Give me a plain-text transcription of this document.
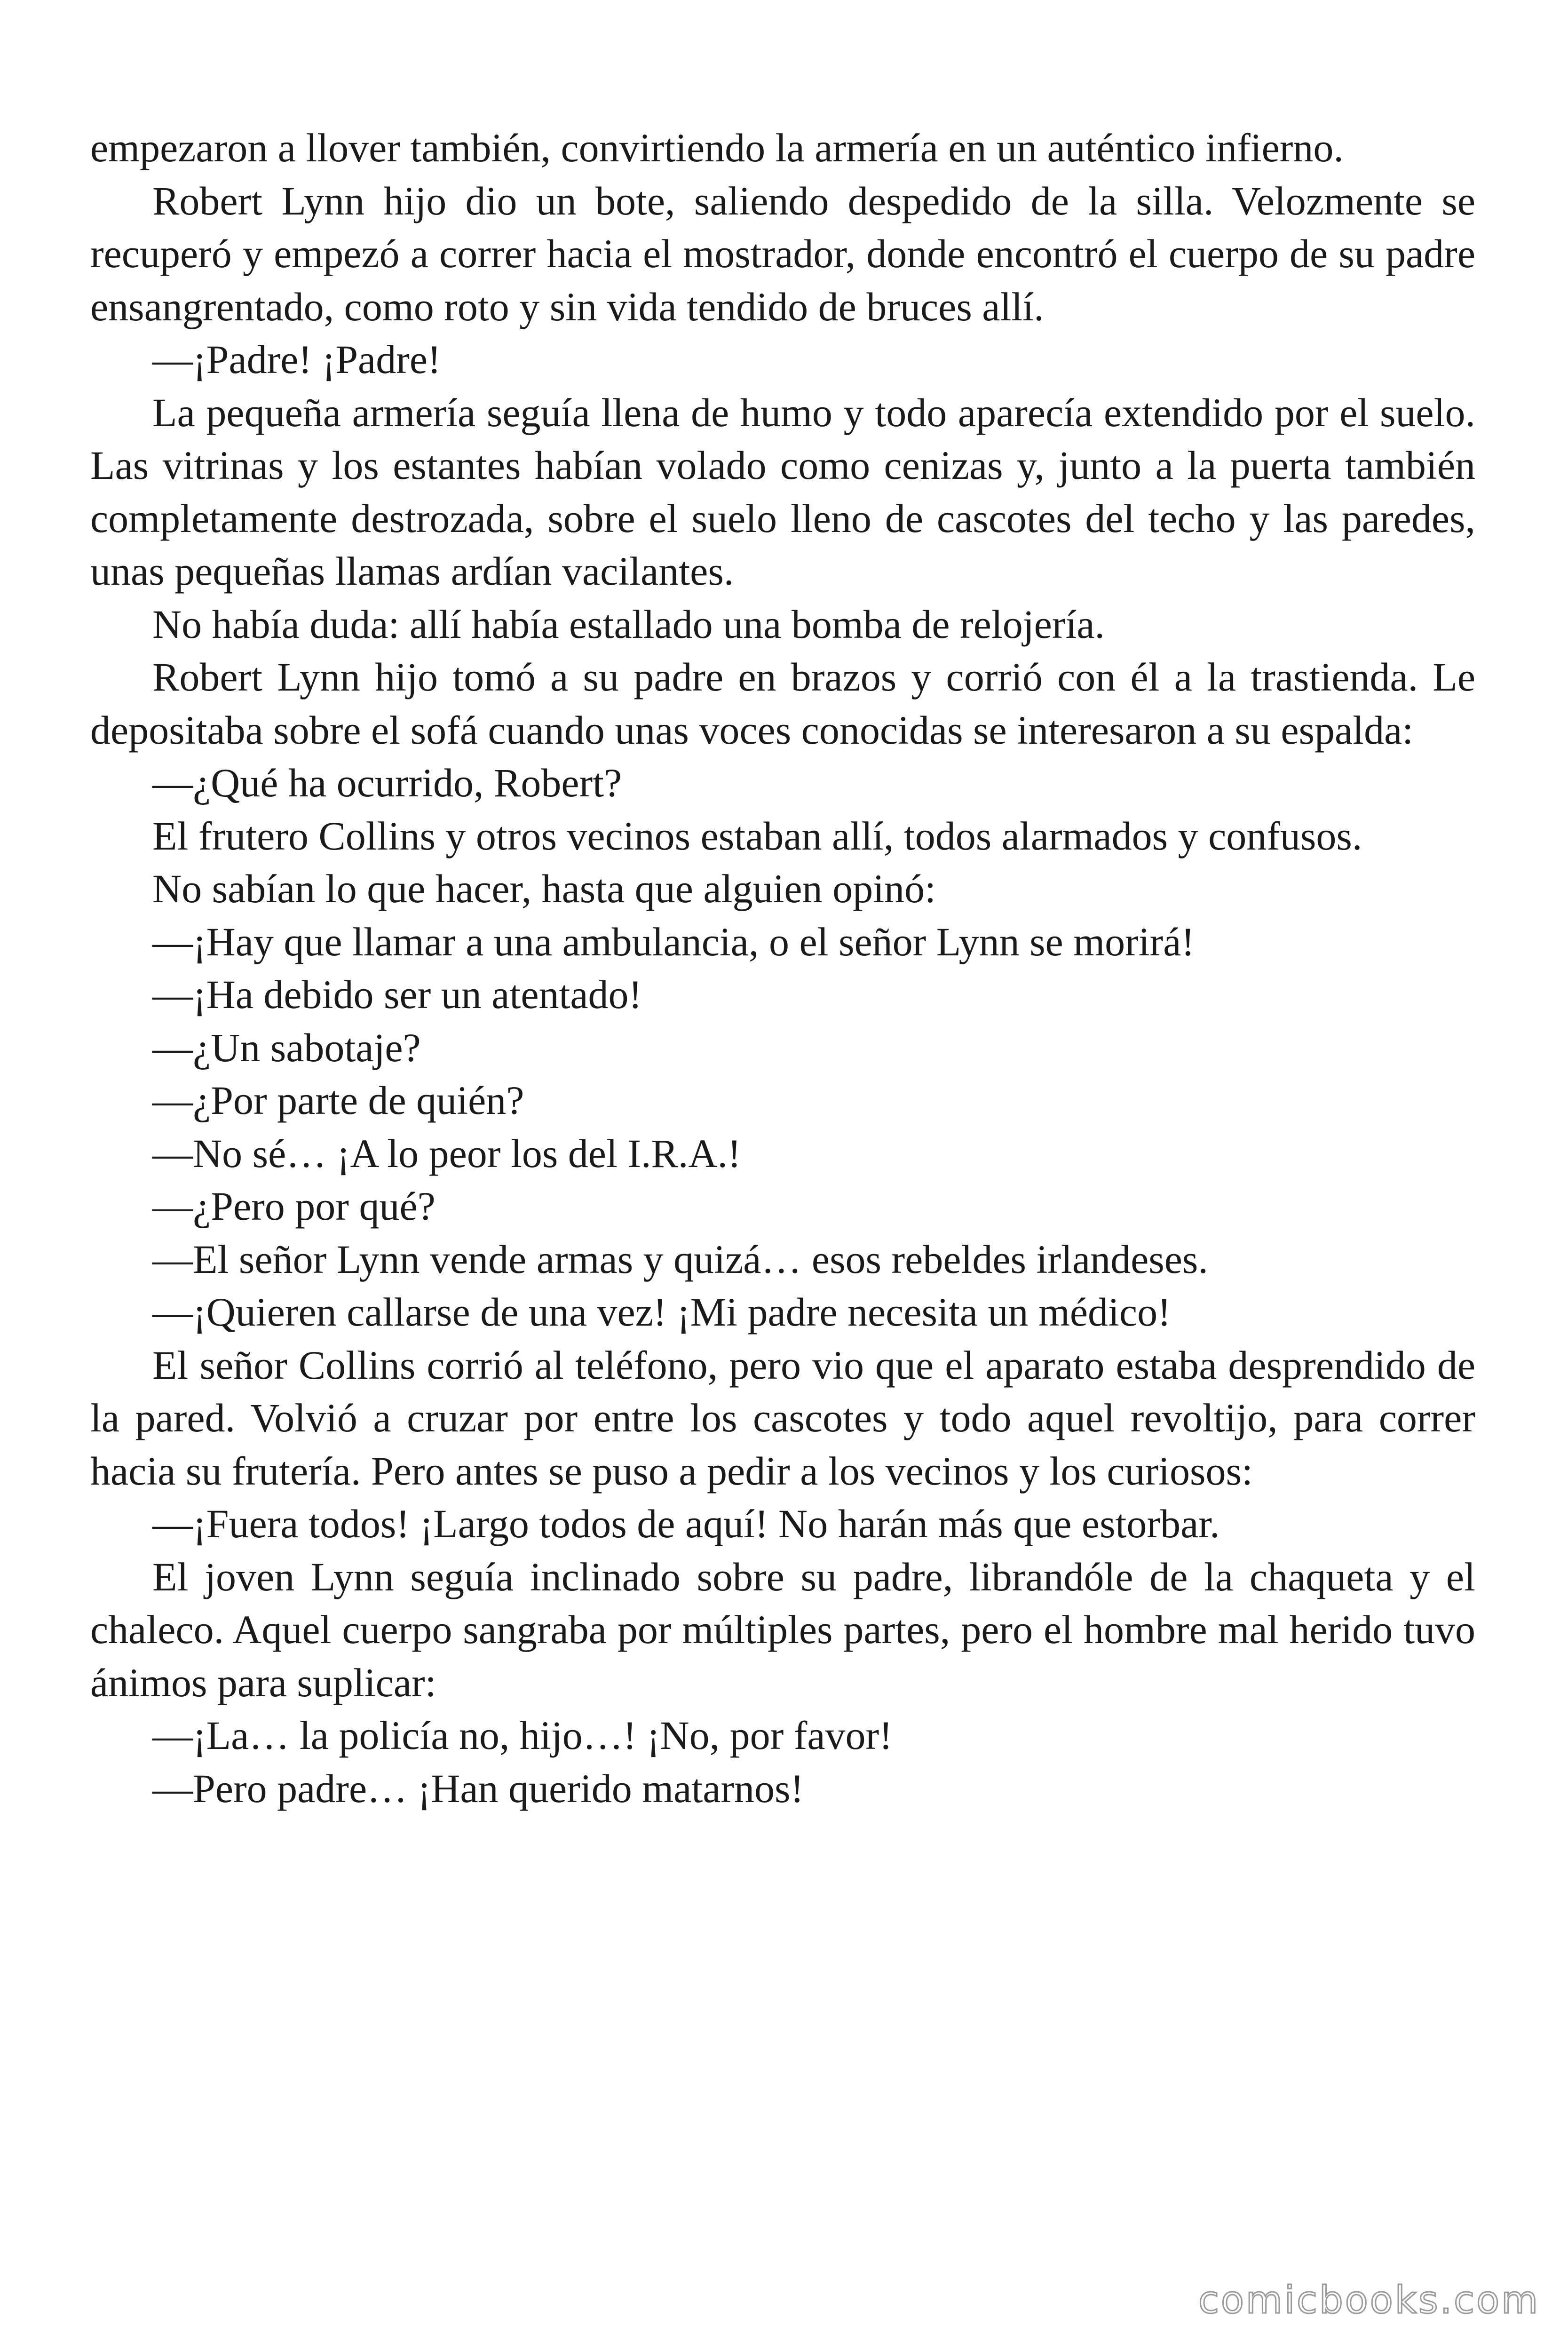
empezaron a llover también, convirtiendo la armería en un auténtico infierno.

Robert Lynn hijo dio un bote, saliendo despedido de la silla. Velozmente se recuperó y empezó a correr hacia el mostrador, donde encontró el cuerpo de su padre ensangrentado, como roto y sin vida tendido de bruces allí.

—¡Padre! ¡Padre!

La pequeña armería seguía llena de humo y todo aparecía extendido por el suelo. Las vitrinas y los estantes habían volado como cenizas y, junto a la puerta también completamente destrozada, sobre el suelo lleno de cascotes del techo y las paredes, unas pequeñas llamas ardían vacilantes.

No había duda: allí había estallado una bomba de relojería.

Robert Lynn hijo tomó a su padre en brazos y corrió con él a la trastienda. Le depositaba sobre el sofá cuando unas voces conocidas se interesaron a su espalda:

—¿Qué ha ocurrido, Robert?

El frutero Collins y otros vecinos estaban allí, todos alarmados y confusos.

No sabían lo que hacer, hasta que alguien opinó:

—¡Hay que llamar a una ambulancia, o el señor Lynn se morirá!

—¡Ha debido ser un atentado!

—¿Un sabotaje?

—¿Por parte de quién?

—No sé… ¡A lo peor los del I.R.A.!

—¿Pero por qué?

—El señor Lynn vende armas y quizá… esos rebeldes irlandeses.

—¡Quieren callarse de una vez! ¡Mi padre necesita un médico!

El señor Collins corrió al teléfono, pero vio que el aparato estaba desprendido de la pared. Volvió a cruzar por entre los cascotes y todo aquel revoltijo, para correr hacia su frutería. Pero antes se puso a pedir a los vecinos y los curiosos:

—¡Fuera todos! ¡Largo todos de aquí! No harán más que estorbar.

El joven Lynn seguía inclinado sobre su padre, librandóle de la chaqueta y el chaleco. Aquel cuerpo sangraba por múltiples partes, pero el hombre mal herido tuvo ánimos para suplicar:

—¡La… la policía no, hijo…! ¡No, por favor!

—Pero padre… ¡Han querido matarnos!

comicbooks.com
